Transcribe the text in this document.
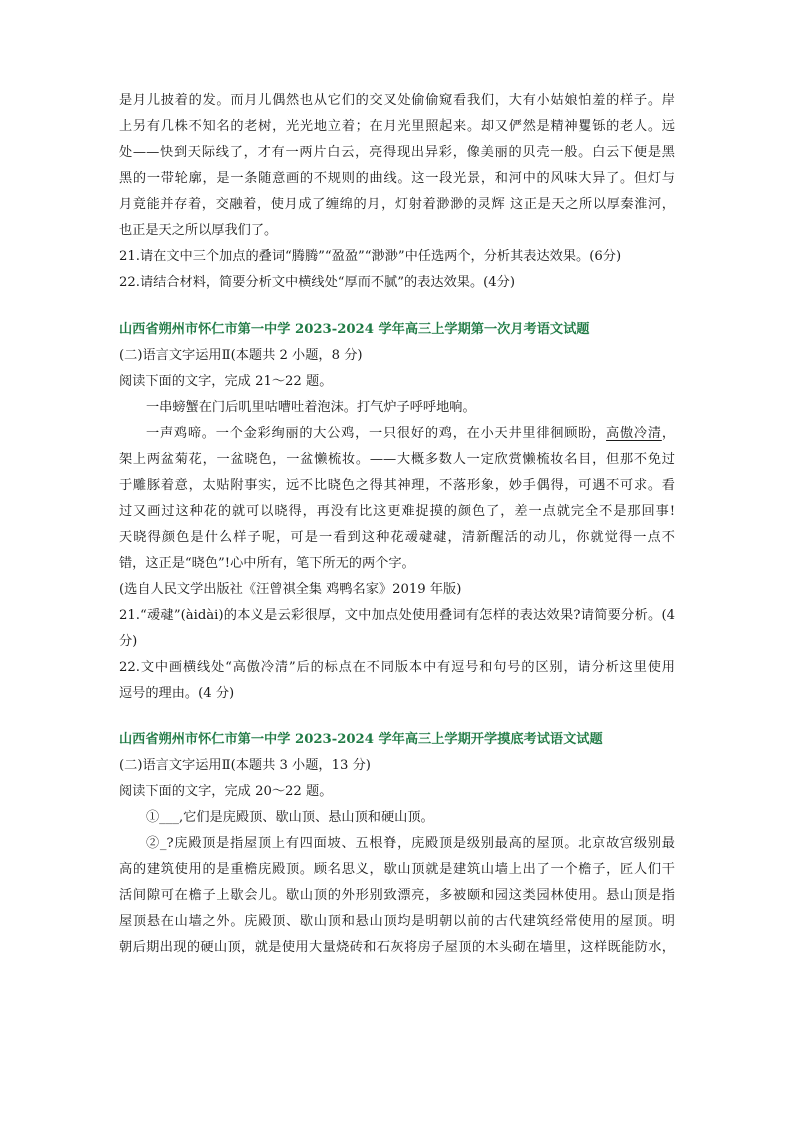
是月儿披着的发。而月儿偶然也从它们的交叉处偷偷窥看我们，大有小姑娘怕羞的样子。岸

上另有几株不知名的老树，光光地立着；在月光里照起来。却又俨然是精神矍铄的老人。远

处——快到天际线了，才有一两片白云，亮得现出异彩，像美丽的贝壳一般。白云下便是黑

黑的一带轮廓，是一条随意画的不规则的曲线。这一段光景，和河中的风味大异了。但灯与

月竟能并存着，交融着，使月成了缠绵的月，灯射着渺渺的灵辉 这正是天之所以厚秦淮河，

也正是天之所以厚我们了。

21.请在文中三个加点的叠词“腾腾”“盈盈”“渺渺”中任选两个，分析其表达效果。(6分)

22.请结合材料，简要分析文中横线处“厚而不腻”的表达效果。(4分)

山西省朔州市怀仁市第一中学 2023-2024 学年高三上学期第一次月考语文试题

(二)语言文字运用Ⅱ(本题共 2 小题，8 分)

阅读下面的文字，完成 21～22 题。

一串螃蟹在门后叽里咕嘈吐着泡沫。打气炉子呼呼地响。

一声鸡啼。一个金彩绚丽的大公鸡，一只很好的鸡，在小天井里徘徊顾盼，高傲冷清，

架上两盆菊花，一盆晓色，一盆懒梳妆。——大概多数人一定欣赏懒梳妆名目，但那不免过

于雕豚着意，太贴附事实，远不比晓色之得其神理，不落形象，妙手偶得，可遇不可求。看

过又画过这种花的就可以晓得，再没有比这更难捉摸的颜色了，差一点就完全不是那回事!

天晓得颜色是什么样子呢，可是一看到这种花叆叇叇，清新醒活的动儿，你就觉得一点不

错，这正是“晓色”!心中所有，笔下所无的两个字。

(选自人民文学出版社《汪曾祺全集 鸡鸭名家》2019 年版)

21.“叆叇”(àidài)的本义是云彩很厚，文中加点处使用叠词有怎样的表达效果?请简要分析。(4

分)

22.文中画横线处“高傲冷清”后的标点在不同版本中有逗号和句号的区别，请分析这里使用

逗号的理由。(4 分)

山西省朔州市怀仁市第一中学 2023-2024 学年高三上学期开学摸底考试语文试题

(二)语言文字运用Ⅱ(本题共 3 小题，13 分)

阅读下面的文字，完成 20～22 题。

①___,它们是庑殿顶、歇山顶、悬山顶和硬山顶。

②_?庑殿顶是指屋顶上有四面坡、五根脊，庑殿顶是级别最高的屋顶。北京故宫级别最

高的建筑使用的是重檐庑殿顶。顾名思义，歇山顶就是建筑山墙上出了一个檐子，匠人们干

活间隙可在檐子上歇会儿。歇山顶的外形别致漂亮，多被颐和园这类园林使用。悬山顶是指

屋顶悬在山墙之外。庑殿顶、歇山顶和悬山顶均是明朝以前的古代建筑经常使用的屋顶。明

朝后期出现的硬山顶，就是使用大量烧砖和石灰将房子屋顶的木头砌在墙里，这样既能防水，
